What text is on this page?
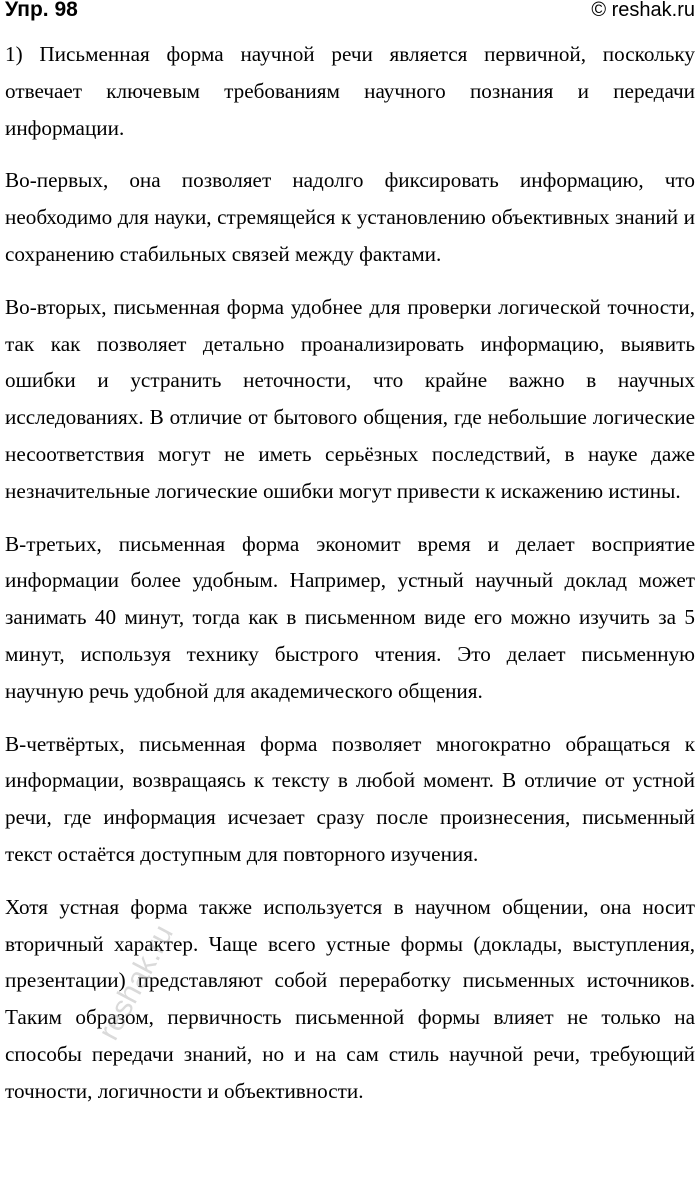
Упр. 98	© reshak.ru

1) Письменная форма научной речи является первичной, поскольку отвечает ключевым требованиям научного познания и передачи информации.

Во-первых, она позволяет надолго фиксировать информацию, что необходимо для науки, стремящейся к установлению объективных знаний и сохранению стабильных связей между фактами.

Во-вторых, письменная форма удобнее для проверки логической точности, так как позволяет детально проанализировать информацию, выявить ошибки и устранить неточности, что крайне важно в научных исследованиях. В отличие от бытового общения, где небольшие логические несоответствия могут не иметь серьёзных последствий, в науке даже незначительные логические ошибки могут привести к искажению истины.

В-третьих, письменная форма экономит время и делает восприятие информации более удобным. Например, устный научный доклад может занимать 40 минут, тогда как в письменном виде его можно изучить за 5 минут, используя технику быстрого чтения. Это делает письменную научную речь удобной для академического общения.

В-четвёртых, письменная форма позволяет многократно обращаться к информации, возвращаясь к тексту в любой момент. В отличие от устной речи, где информация исчезает сразу после произнесения, письменный текст остаётся доступным для повторного изучения.

Хотя устная форма также используется в научном общении, она носит вторичный характер. Чаще всего устные формы (доклады, выступления, презентации) представляют собой переработку письменных источников. Таким образом, первичность письменной формы влияет не только на способы передачи знаний, но и на сам стиль научной речи, требующий точности, логичности и объективности.

reshak.ru
